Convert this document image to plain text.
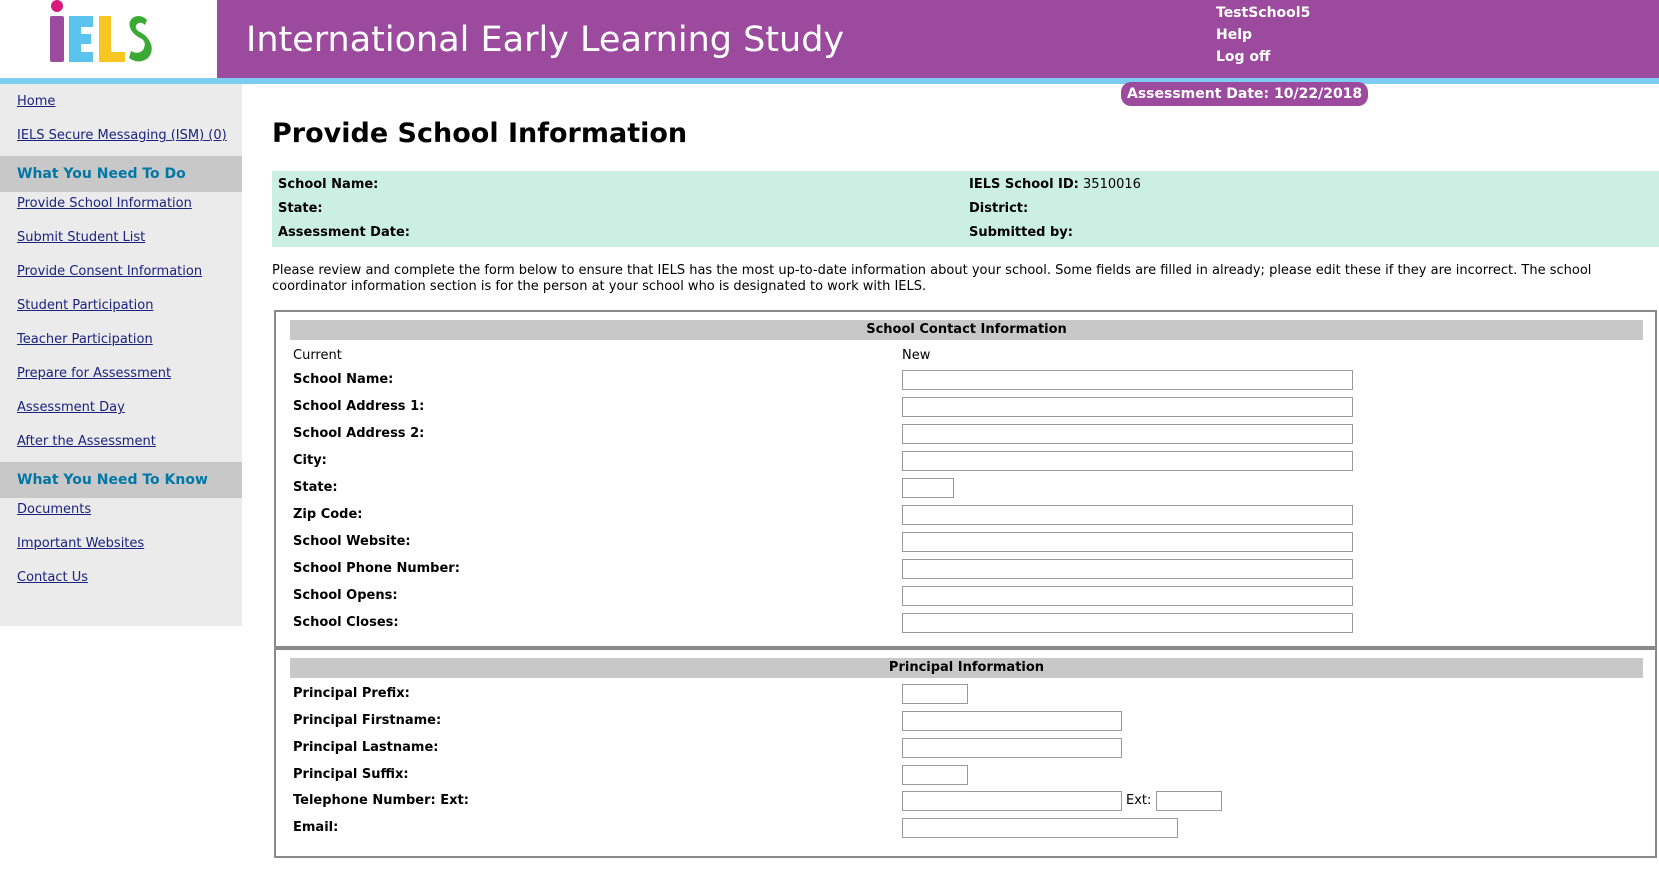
International Early Learning Study
TestSchool5
Help
Log off
Home
IELS Secure Messaging (ISM) (0)
What You Need To Do
Provide School Information
Submit Student List
Provide Consent Information
Student Participation
Teacher Participation
Prepare for Assessment
Assessment Day
After the Assessment
What You Need To Know
Documents
Important Websites
Contact Us
Assessment Date: 10/22/2018
Provide School Information
School Name:
State:
Assessment Date:
IELS School ID: 3510016
District:
Submitted by:

Please review and complete the form below to ensure that IELS has the most up-to-date information about your school. Some fields are filled in already; please edit these if they are incorrect. The school coordinator information section is for the person at your school who is designated to work with IELS.

School Contact Information
Current	New
School Name:
School Address 1:
School Address 2:
City:
State:
Zip Code:
School Website:
School Phone Number:
School Opens:
School Closes:
Principal Information
Principal Prefix:
Principal Firstname:
Principal Lastname:
Principal Suffix:
Telephone Number: Ext:	Ext:
Email:
